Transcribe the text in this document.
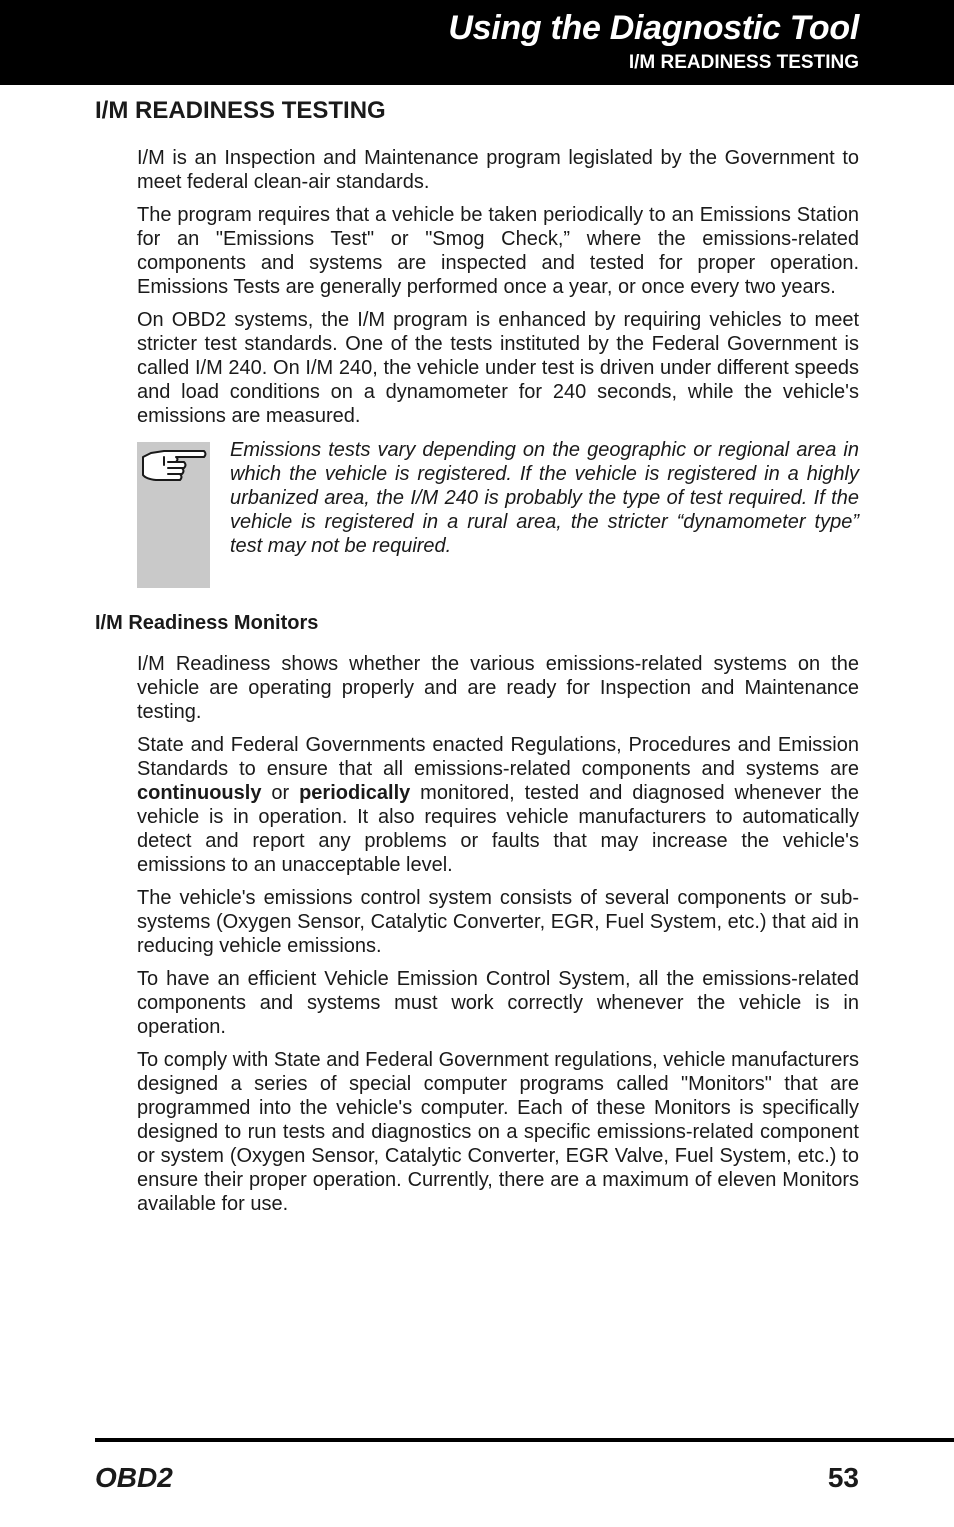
Using the Diagnostic Tool
I/M READINESS TESTING
I/M READINESS TESTING

I/M is an Inspection and Maintenance program legislated by the Government to meet federal clean-air standards.

The program requires that a vehicle be taken periodically to an Emissions Station for an "Emissions Test" or "Smog Check,” where the emissions-related components and systems are inspected and tested for proper operation. Emissions Tests are generally performed once a year, or once every two years.

On OBD2 systems, the I/M program is enhanced by requiring vehicles to meet stricter test standards. One of the tests instituted by the Federal Government is called I/M 240. On I/M 240, the vehicle under test is driven under different speeds and load conditions on a dynamometer for 240 seconds, while the vehicle's emissions are measured.

Emissions tests vary depending on the geographic or regional area in which the vehicle is registered. If the vehicle is registered in a highly urbanized area, the I/M 240 is probably the type of test required. If the vehicle is registered in a rural area, the stricter “dynamometer type” test may not be required.
I/M Readiness Monitors

I/M Readiness shows whether the various emissions-related systems on the vehicle are operating properly and are ready for Inspection and Maintenance testing.

State and Federal Governments enacted Regulations, Procedures and Emission Standards to ensure that all emissions-related components and systems are continuously or periodically monitored, tested and diagnosed whenever the vehicle is in operation. It also requires vehicle manufacturers to automatically detect and report any problems or faults that may increase the vehicle's emissions to an unacceptable level.

The vehicle's emissions control system consists of several components or sub-systems (Oxygen Sensor, Catalytic Converter, EGR, Fuel System, etc.) that aid in reducing vehicle emissions.

To have an efficient Vehicle Emission Control System, all the emissions-related components and systems must work correctly whenever the vehicle is in operation.

To comply with State and Federal Government regulations, vehicle manufacturers designed a series of special computer programs called "Monitors" that are programmed into the vehicle's computer. Each of these Monitors is specifically designed to run tests and diagnostics on a specific emissions-related component or system (Oxygen Sensor, Catalytic Converter, EGR Valve, Fuel System, etc.) to ensure their proper operation. Currently, there are a maximum of eleven Monitors available for use.

OBD2	53
